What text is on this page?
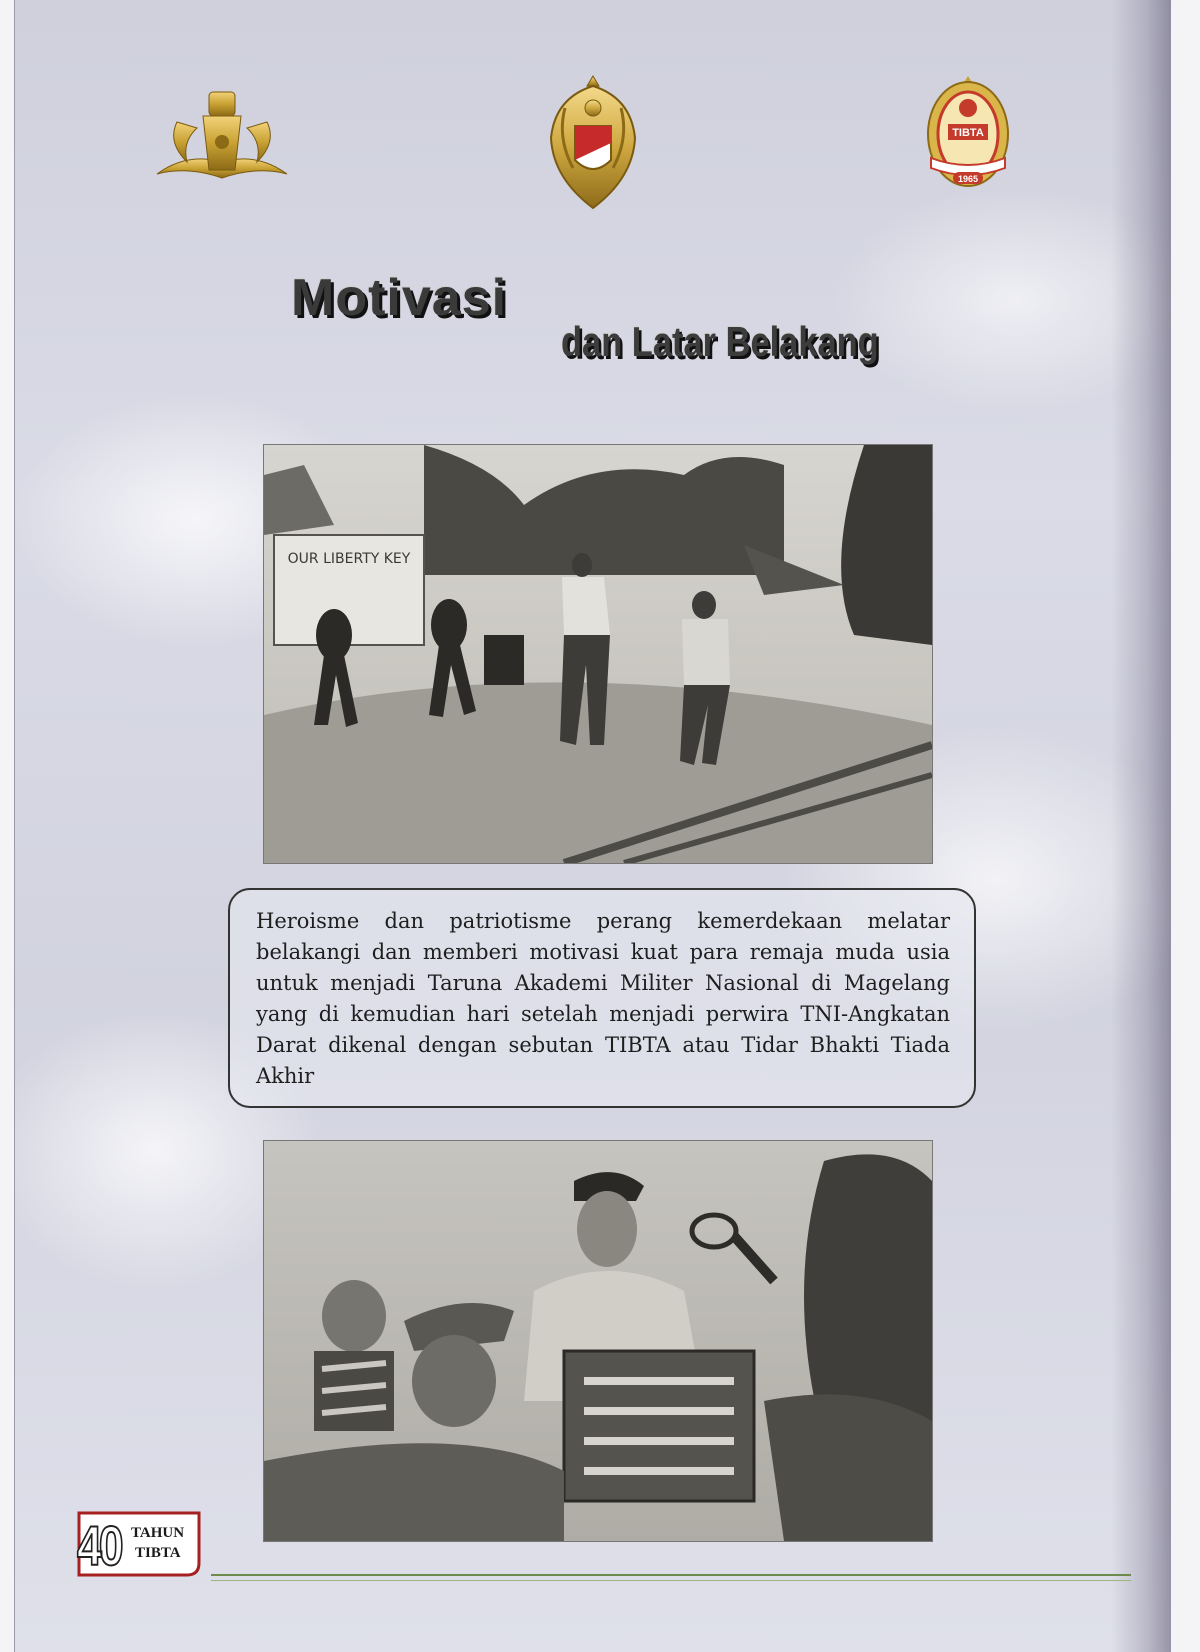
TIBTA
1965
Motivasi
dan Latar Belakang
OUR LIBERTY KEY

Heroisme dan patriotisme perang kemerdekaan melatar belakangi dan memberi motivasi kuat para remaja muda usia untuk menjadi Taruna Akademi Militer Nasional di Magelang yang di kemudian hari setelah menjadi perwira TNI-Angkatan Darat dikenal dengan sebutan TIBTA atau Tidar Bhakti Tiada Akhir

40 TAHUN
TIBTA
